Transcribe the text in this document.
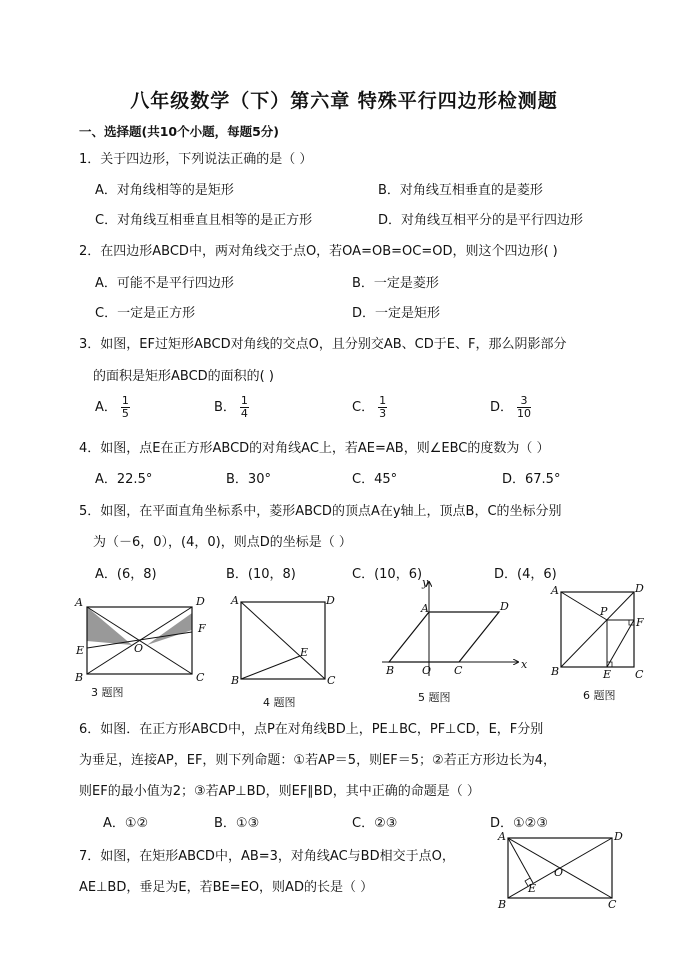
八年级数学（下）第六章 特殊平行四边形检测题
一、选择题(共10个小题，每题5分)
1．关于四边形，下列说法正确的是（ ）
A．对角线相等的是矩形	B．对角线互相垂直的是菱形
C．对角线互相垂直且相等的是正方形	D．对角线互相平分的是平行四边形
2．在四边形ABCD中，两对角线交于点O，若OA=OB=OC=OD，则这个四边形( )
A．可能不是平行四边形	B．一定是菱形
C．一定是正方形	D．一定是矩形
3．如图，EF过矩形ABCD对角线的交点O，且分别交AB、CD于E、F，那么阴影部分
的面积是矩形ABCD的面积的( )
A． $\frac{1}{5}$	B． $\frac{1}{4}$	C． $\frac{1}{3}$	D． $\frac{3}{10}$
4．如图，点E在正方形ABCD的对角线AC上，若AE=AB，则∠EBC的度数为（ ）
A．22.5°	B．30°	C．45°	D．67.5°
5．如图，在平面直角坐标系中，菱形ABCD的顶点A在y轴上，顶点B，C的坐标分别
为（－6，0），(4，0)，则点D的坐标是（ ）
A．(6，8)	B．(10，8)	C．(10，6)	D．(4，6)
A	D
F
E	O
B	C
3 题图
A	D
E
B	C
4 题图
x
y
A	D
B	O C
5 题图
A	D
P
F
B	E C
6 题图
6．如图．在正方形ABCD中，点P在对角线BD上，PE⊥BC，PF⊥CD，E，F分别
为垂足，连接AP，EF，则下列命题：①若AP＝5，则EF＝5；②若正方形边长为4，
则EF的最小值为2；③若AP⊥BD，则EF∥BD，其中正确的命题是（ ）
A．①②	B．①③	C．②③	D．①②③
7．如图，在矩形ABCD中，AB=3，对角线AC与BD相交于点O，
AE⊥BD，垂足为E，若BE=EO，则AD的长是（ ）
A	D
O
E
B	C
